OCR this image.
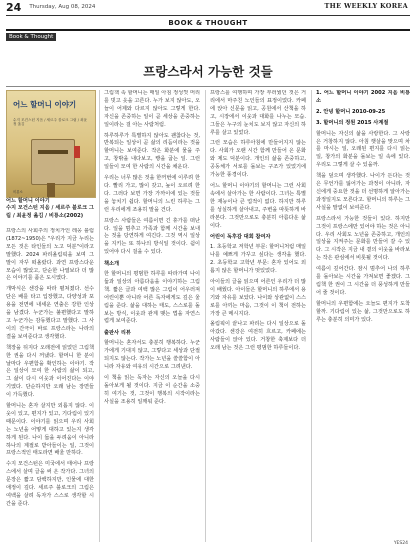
24 Thursday, Aug 08, 2024	THE WEEKLY KOREA
BOOK & THOUGHT
Book & Thought
프랑스라서 가능한 것들
어느 할머니 이야기
수지 모건스턴 지음 / 세르주 블로크 그림 / 최윤정 옮김
비룡소
어느 할머니 이야기
수지 모건스턴 지음 / 세르주 블로크 그림 / 최윤정 옮김 / 비룡소(2002)

프랑스의 사회주의 정치가인 레옹 블럼(1872~1950)은 "우리가 지금 누리는 모든 것은 타인들의 노고 덕분"이라고 말했다. 2024 파리올림픽을 보며 그 말이 자꾸 떠올랐다. 과연 프랑스다운 모습이 많았고, 단순한 나열보다 더 많은 이야기를 품은 도시였다.

개막식은 센강을 따라 펼쳐졌다. 선수단은 배를 타고 입장했고, 다양성과 포용을 전면에 내세운 연출은 강한 인상을 남겼다. 누군가는 불편했다고 말하고 누군가는 감동했다고 말했다. 그 사이의 간극이 바로 프랑스라는 나라의 결을 보여준다고 생각했다.

책장을 뒤지다 오래전에 읽었던 그림책 한 권을 다시 꺼냈다. 할머니 한 분이 날마다 우편함을 확인하는 이야기. 작은 일상이 모여 한 사람의 삶이 되고, 그 삶이 다시 이웃과 이어진다는 이야기였다. 단순하지만 오래 남는 장면들이 가득했다.

할머니는 혼자 살지만 외롭지 않다. 이웃이 있고, 편지가 있고, 기다림이 있기 때문이다. 이야기를 읽으며 우리 사회는 노년을 어떻게 대하고 있는지 생각하게 된다. 나이 듦을 두려움이 아니라 하나의 계절로 받아들이는 일, 그것이 프랑스적인 태도라면 배울 만하다.

수지 모건스턴은 미국에서 태어나 프랑스에서 살며 글을 써 온 작가다. 그녀의 문장은 짧고 담백하지만, 인물에 대한 애정이 깊다. 세르주 블로크의 그림은 여백을 살려 독자가 스스로 생각할 시간을 준다.

그림책 속 할머니는 매일 아침 정성껏 머리를 빗고 옷을 고른다. 누가 보지 않아도, 오늘이 어제와 다르지 않아도 그렇게 한다. 자신을 존중하는 일이 곧 세상을 존중하는 일이라는 걸 아는 사람처럼.

하루하루가 특별하지 않아도 괜찮다는 것, 반복되는 일상이 곧 삶의 리듬이라는 것을 할머니는 보여준다. 작은 화분에 물을 주고, 창밖을 내다보고, 빵을 굽는 일. 그런 일들이 모여 한 사람의 시간을 채운다.

우리는 너무 많은 것을 한꺼번에 이루려 한다. 빨리 가고, 많이 갖고, 높이 오르려 한다. 그러다 보면 가장 가까이에 있는 것들을 놓치기 쉽다. 할머니의 느린 하루는 그런 우리에게 조용히 말을 건다.

프랑스 사람들은 여름이면 긴 휴가를 떠난다. 일을 멈추고 가족과 함께 시간을 보내는 것을 당연하게 여긴다. 그것 역시 일상을 지키는 또 하나의 방식일 것이다. 쉼이 있어야 다시 걸을 수 있다.

책소개

한 할머니의 평범한 하루를 따라가며 나이 듦과 일상의 아름다움을 이야기하는 그림책. 짧은 글과 여백 많은 그림이 어우러져 어린이뿐 아니라 어른 독자에게도 깊은 울림을 준다. 삶을 대하는 태도, 스스로를 돌보는 방식, 이웃과 관계 맺는 법을 자연스럽게 보여준다.

출판사 리뷰

할머니는 혼자서도 충분히 행복하다. 누군가에게 기대지 않고, 그렇다고 세상과 단절되지도 않는다. 작가는 노년을 쓸쓸함이 아니라 자유와 여유의 시간으로 그려낸다.

이 책을 읽는 독자는 자신의 오늘을 다시 돌아보게 될 것이다. 지금 이 순간을 소중히 여기는 것, 그것이 행복의 시작이라는 사실을 조용히 일깨워 준다.

프랑스를 여행하며 가장 부러웠던 것은 거리에서 마주친 노인들의 표정이었다. 카페에 앉아 신문을 읽고, 공원에서 산책을 하고, 시장에서 이웃과 대화를 나누는 모습. 그들은 누구의 눈치도 보지 않고 자신의 하루를 살고 있었다.

그런 모습은 하루아침에 만들어지지 않는다. 사회가 오랜 시간 함께 만들어 온 문화와 제도 덕분이다. 개인의 삶을 존중하고, 공동체가 서로를 돌보는 구조가 있었기에 가능한 풍경이다.

어느 할머니 이야기의 할머니는 그런 사회 속에서 살아가는 한 사람이다. 그녀는 특별한 재능이나 큰 업적이 없다. 하지만 하루를 성실하게 살아내고, 주변을 따뜻하게 바라본다. 그것만으로도 충분히 아름다운 삶이다.

어린이 독후감 대회 참여자

1. 초등학교 저학년 부문: 할머니처럼 매일 나를 예쁘게 가꾸고 싶다는 생각을 했다. 2. 초등학교 고학년 부문: 혼자 있어도 외롭지 않은 할머니가 멋있었다.

아이들의 글을 읽으며 어른인 우리가 더 많이 배웠다. 아이들은 할머니의 하루에서 용기와 자유를 보았다. 나이와 상관없이 스스로를 아끼는 마음, 그것이 이 책이 전하는 가장 큰 메시지다.

올림픽이 끝나고 파리는 다시 일상으로 돌아갔다. 센강은 여전히 흐르고, 카페에는 사람들이 앉아 있다. 거창한 축제보다 더 오래 남는 것은 그런 평범한 하루들이다.

1. 어느 할머니 이야기 2002 지음 비룡소

2. 안녕 할머니 2010-09-25

3. 할머니의 정원 2015 사계절

할머니는 자신의 삶을 사랑한다. 그 사랑은 거창하지 않다. 아침 햇살을 맞으며 차를 마시는 일, 오래된 편지를 다시 읽는 일, 창가의 화분을 돌보는 일 속에 있다. 우리도 그렇게 살 수 있을까.

책을 덮으며 생각했다. 나이가 든다는 것은 무언가를 잃어가는 과정이 아니라, 자신에게 중요한 것을 더 선명하게 알아가는 과정일지도 모른다고. 할머니의 하루는 그 사실을 말없이 보여준다.

프랑스라서 가능한 것들이 있다. 하지만 그것이 프랑스에만 있어야 하는 것은 아니다. 우리 사회도 노년을 존중하고, 개인의 일상을 지켜주는 문화를 만들어 갈 수 있다. 그 시작은 지금 내 곁의 이웃을 바라보는 작은 관심에서 비롯될 것이다.

여름이 깊어간다. 잠시 멈추어 나의 하루를 돌아보는 시간을 가져보면 좋겠다. 그림책 한 권이 그 시간을 더 풍성하게 만들어 줄 것이다.

할머니의 우편함에는 오늘도 편지가 도착할까. 기다림이 있는 삶, 그것만으로도 하루는 충분히 의미가 있다.

YES24
